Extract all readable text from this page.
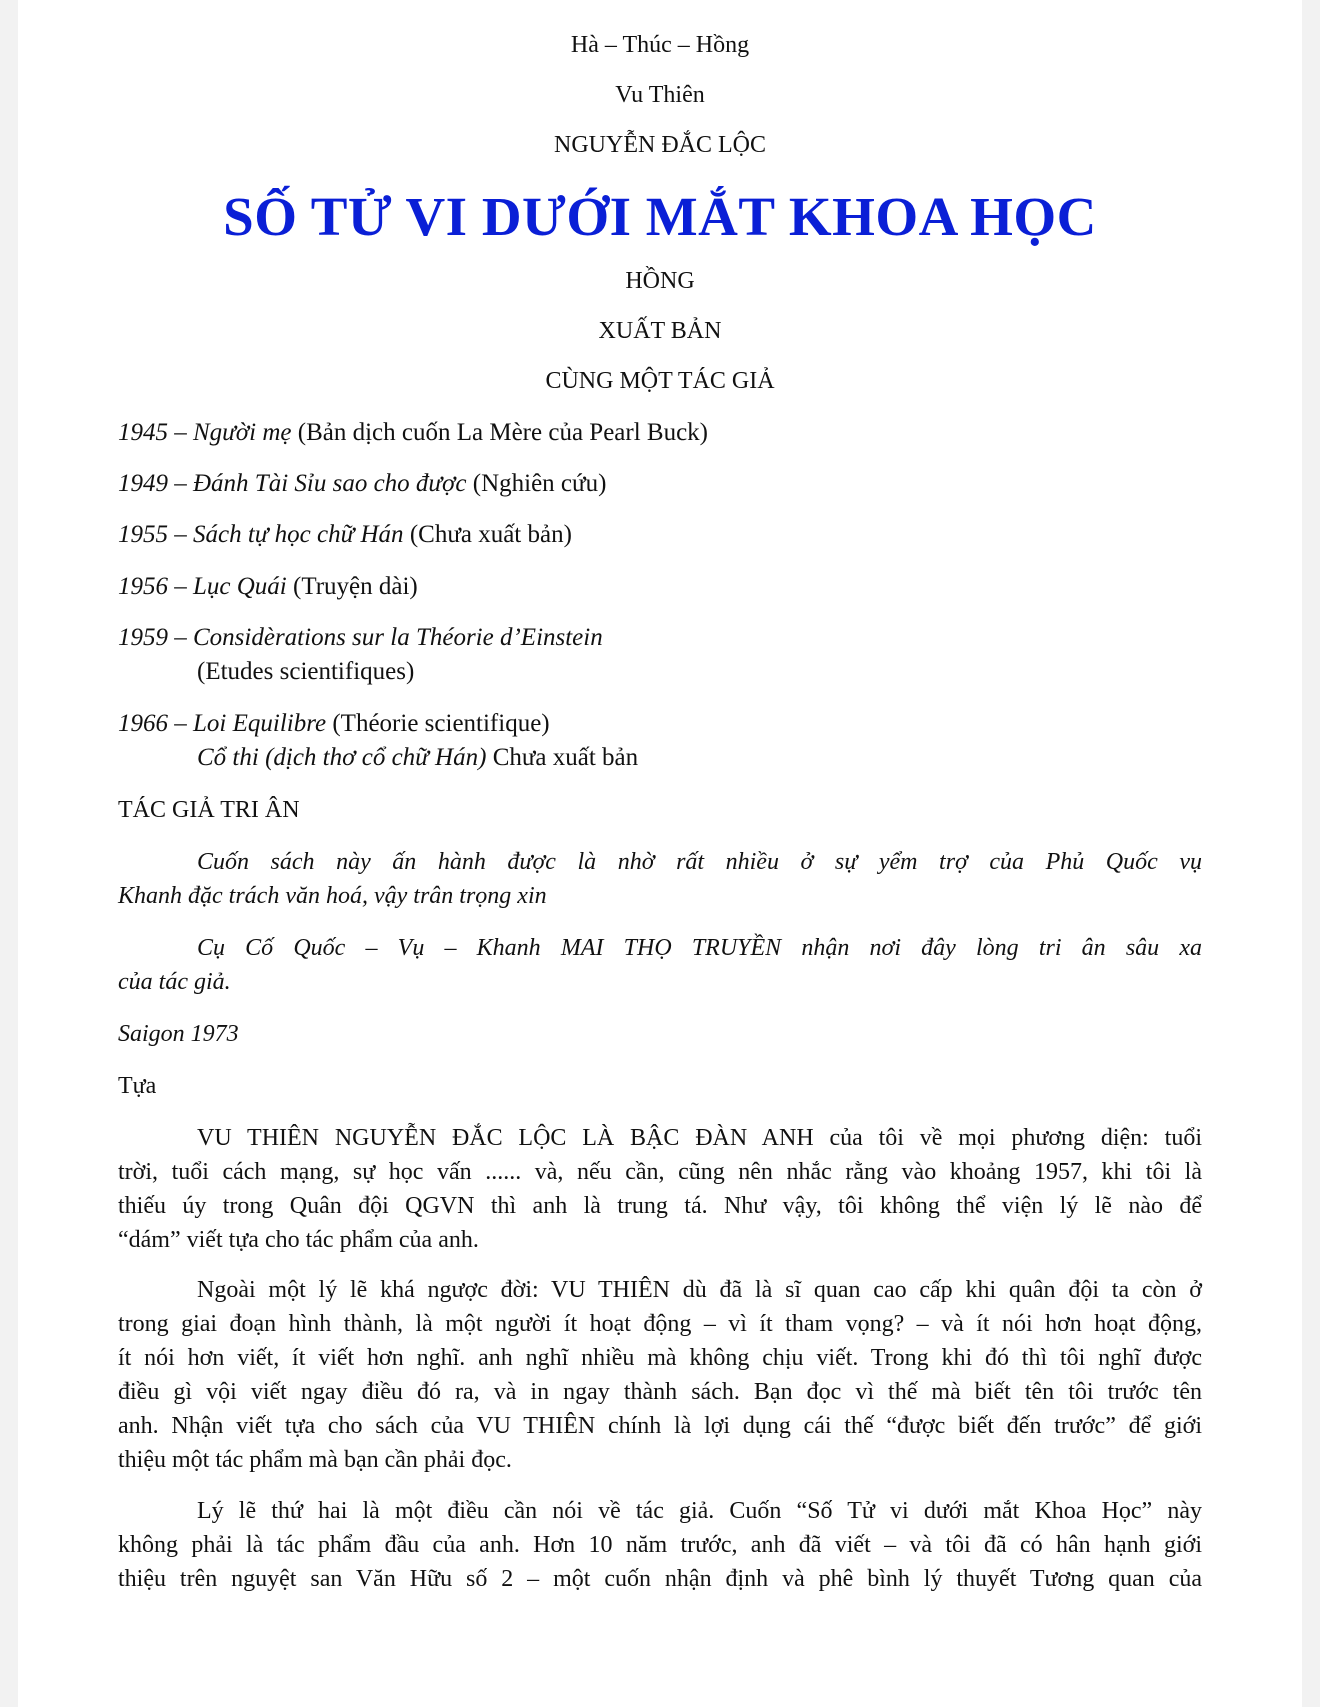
Hà – Thúc – Hồng
Vu Thiên
NGUYỄN ĐẮC LỘC
SỐ TỬ VI DƯỚI MẮT KHOA HỌC
HỒNG
XUẤT BẢN
CÙNG MỘT TÁC GIẢ
1945 – Người mẹ (Bản dịch cuốn La Mère của Pearl Buck)
1949 – Đánh Tài Sỉu sao cho được (Nghiên cứu)
1955 – Sách tự học chữ Hán (Chưa xuất bản)
1956 – Lục Quái (Truyện dài)
1959 – Considèrations sur la Théorie d’Einstein
(Etudes scientifiques)
1966 – Loi Equilibre (Théorie scientifique)
Cổ thi (dịch thơ cổ chữ Hán) Chưa xuất bản
TÁC GIẢ TRI ÂN
Cuốn sách này ấn hành được là nhờ rất nhiều ở sự yểm trợ của Phủ Quốc vụ
Khanh đặc trách văn hoá, vậy trân trọng xin
Cụ Cố Quốc – Vụ – Khanh MAI THỌ TRUYỀN nhận nơi đây lòng tri ân sâu xa
của tác giả.
Saigon 1973
Tựa
VU THIÊN NGUYỄN ĐẮC LỘC LÀ BẬC ĐÀN ANH của tôi về mọi phương diện: tuổi
trời, tuổi cách mạng, sự học vấn ...... và, nếu cần, cũng nên nhắc rằng vào khoảng 1957, khi tôi là
thiếu úy trong Quân đội QGVN thì anh là trung tá. Như vậy, tôi không thể viện lý lẽ nào để
“dám” viết tựa cho tác phẩm của anh.
Ngoài một lý lẽ khá ngược đời: VU THIÊN dù đã là sĩ quan cao cấp khi quân đội ta còn ở
trong giai đoạn hình thành, là một người ít hoạt động – vì ít tham vọng? – và ít nói hơn hoạt động,
ít nói hơn viết, ít viết hơn nghĩ. anh nghĩ nhiều mà không chịu viết. Trong khi đó thì tôi nghĩ được
điều gì vội viết ngay điều đó ra, và in ngay thành sách. Bạn đọc vì thế mà biết tên tôi trước tên
anh. Nhận viết tựa cho sách của VU THIÊN chính là lợi dụng cái thế “được biết đến trước” để giới
thiệu một tác phẩm mà bạn cần phải đọc.
Lý lẽ thứ hai là một điều cần nói về tác giả. Cuốn “Số Tử vi dưới mắt Khoa Học” này
không phải là tác phẩm đầu của anh. Hơn 10 năm trước, anh đã viết – và tôi đã có hân hạnh giới
thiệu trên nguyệt san Văn Hữu số 2 – một cuốn nhận định và phê bình lý thuyết Tương quan của
